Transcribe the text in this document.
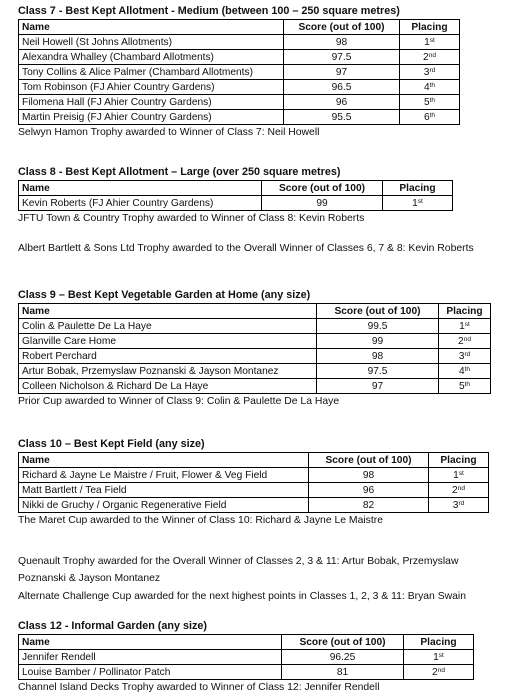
Class 7 - Best Kept Allotment - Medium (between 100 – 250 square metres)
Name	Score (out of 100)	Placing
Neil Howell (St Johns Allotments)	98	1st
Alexandra Whalley (Chambard Allotments)	97.5	2nd
Tony Collins & Alice Palmer (Chambard Allotments)	97	3rd
Tom Robinson (FJ Ahier Country Gardens)	96.5	4th
Filomena Hall (FJ Ahier Country Gardens)	96	5th
Martin Preisig (FJ Ahier Country Gardens)	95.5	6th
Selwyn Hamon Trophy awarded to Winner of Class 7: Neil Howell
Class 8 - Best Kept Allotment – Large (over 250 square metres)
Name	Score (out of 100)	Placing
Kevin Roberts (FJ Ahier Country Gardens)	99	1st
JFTU Town & Country Trophy awarded to Winner of Class 8: Kevin Roberts
Albert Bartlett & Sons Ltd Trophy awarded to the Overall Winner of Classes 6, 7 & 8: Kevin Roberts
Class 9 – Best Kept Vegetable Garden at Home (any size)
Name	Score (out of 100)	Placing
Colin & Paulette De La Haye	99.5	1st
Glanville Care Home	99	2nd
Robert Perchard	98	3rd
Artur Bobak, Przemyslaw Poznanski & Jayson Montanez	97.5	4th
Colleen Nicholson & Richard De La Haye	97	5th
Prior Cup awarded to Winner of Class 9: Colin & Paulette De La Haye
Class 10 – Best Kept Field (any size)
Name	Score (out of 100)	Placing
Richard & Jayne Le Maistre / Fruit, Flower & Veg Field	98	1st
Matt Bartlett / Tea Field	96	2nd
Nikki de Gruchy / Organic Regenerative Field	82	3rd
The Maret Cup awarded to the Winner of Class 10: Richard & Jayne Le Maistre
Quenault Trophy awarded for the Overall Winner of Classes 2, 3 & 11: Artur Bobak, Przemyslaw Poznanski & Jayson Montanez
Alternate Challenge Cup awarded for the next highest points in Classes 1, 2, 3 & 11: Bryan Swain
Class 12 - Informal Garden (any size)
Name	Score (out of 100)	Placing
Jennifer Rendell	96.25	1st
Louise Bamber / Pollinator Patch	81	2nd
Channel Island Decks Trophy awarded to Winner of Class 12: Jennifer Rendell
